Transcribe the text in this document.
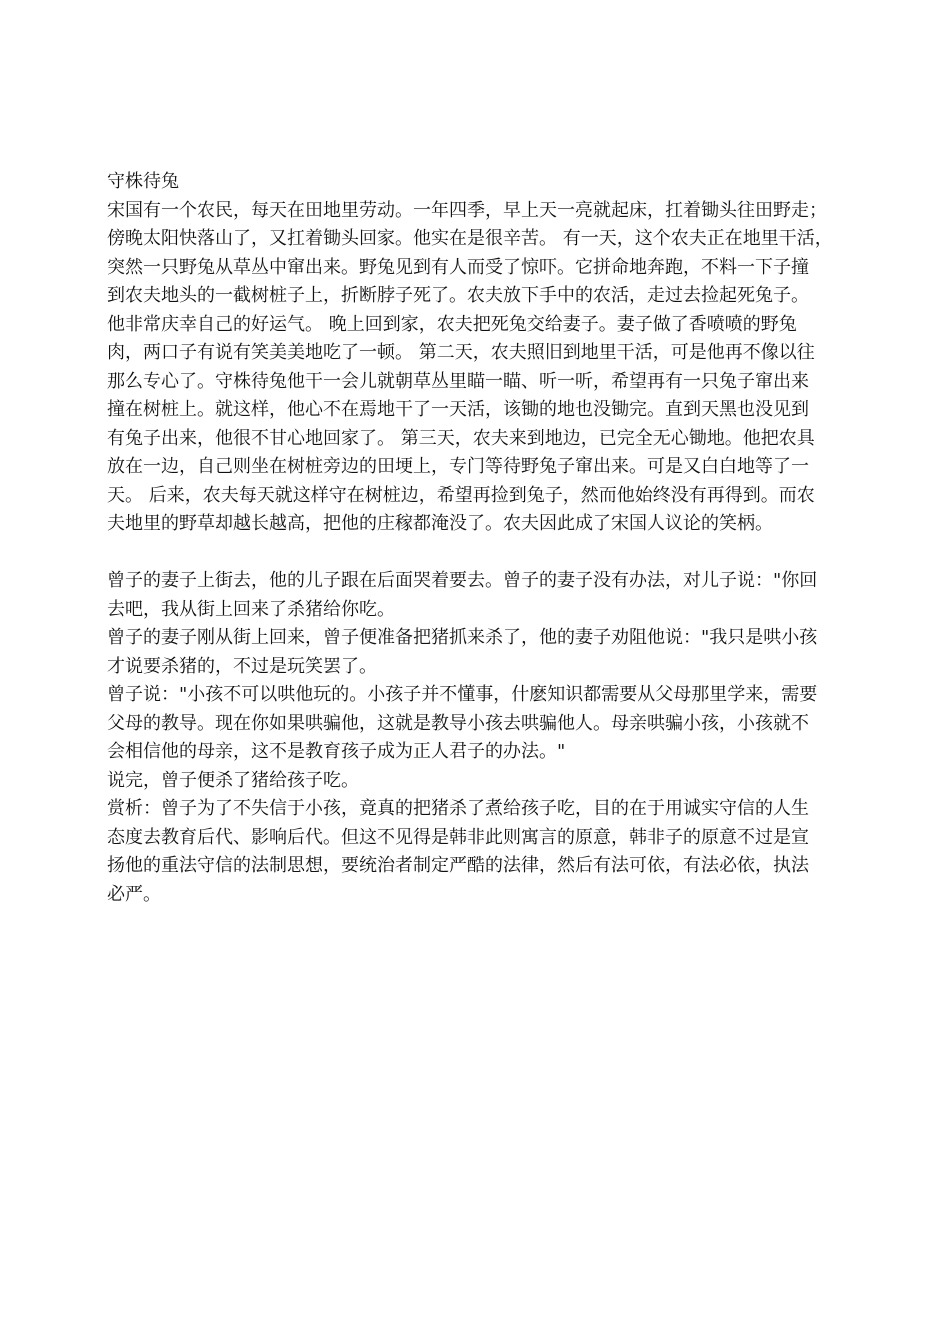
守株待兔
宋国有一个农民，每天在田地里劳动。一年四季，早上天一亮就起床，扛着锄头往田野走；
傍晚太阳快落山了，又扛着锄头回家。他实在是很辛苦。 有一天，这个农夫正在地里干活，
突然一只野兔从草丛中窜出来。野兔见到有人而受了惊吓。它拼命地奔跑，不料一下子撞
到农夫地头的一截树桩子上，折断脖子死了。农夫放下手中的农活，走过去捡起死兔子。
他非常庆幸自己的好运气。 晚上回到家，农夫把死兔交给妻子。妻子做了香喷喷的野兔
肉，两口子有说有笑美美地吃了一顿。 第二天，农夫照旧到地里干活，可是他再不像以往
那么专心了。守株待兔他干一会儿就朝草丛里瞄一瞄、听一听，希望再有一只兔子窜出来
撞在树桩上。就这样，他心不在焉地干了一天活，该锄的地也没锄完。直到天黑也没见到
有兔子出来，他很不甘心地回家了。 第三天，农夫来到地边，已完全无心锄地。他把农具
放在一边，自己则坐在树桩旁边的田埂上，专门等待野兔子窜出来。可是又白白地等了一
天。 后来，农夫每天就这样守在树桩边，希望再捡到兔子，然而他始终没有再得到。而农
夫地里的野草却越长越高，把他的庄稼都淹没了。农夫因此成了宋国人议论的笑柄。
曾子的妻子上街去，他的儿子跟在后面哭着要去。曾子的妻子没有办法，对儿子说："你回
去吧，我从街上回来了杀猪给你吃。
曾子的妻子刚从街上回来，曾子便准备把猪抓来杀了，他的妻子劝阻他说："我只是哄小孩
才说要杀猪的，不过是玩笑罢了。
曾子说："小孩不可以哄他玩的。小孩子并不懂事，什麽知识都需要从父母那里学来，需要
父母的教导。现在你如果哄骗他，这就是教导小孩去哄骗他人。母亲哄骗小孩，小孩就不
会相信他的母亲，这不是教育孩子成为正人君子的办法。"
说完，曾子便杀了猪给孩子吃。
赏析：曾子为了不失信于小孩，竟真的把猪杀了煮给孩子吃，目的在于用诚实守信的人生
态度去教育后代、影响后代。但这不见得是韩非此则寓言的原意，韩非子的原意不过是宣
扬他的重法守信的法制思想，要统治者制定严酷的法律，然后有法可依，有法必依，执法
必严。
